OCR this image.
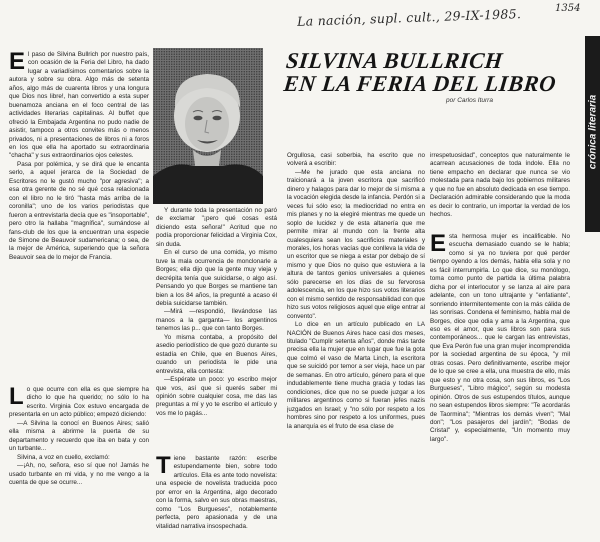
1354
La nación, supl. cult., 29-IX-1985.
E l paso de Silvina Bullrich por nuestro país, con ocasión de la Feria del Libro, ha dado lugar a variadísimos comentarios sobre la autora y sobre su obra. Algo más de setenta años, algo más de cuarenta libros y una longura que Dios nos libre!, han convertido a esta super buenamoza anciana en el foco central de las actividades literarias capitalinas. Al buffet que ofreció la Embajada Argentina no pudo nadie de asistir, tampoco a otros convites más o menos privados, ni a presentaciones de libros ni a foros en los que ella ha aportado su extraordinaria "chacha" y sus extraordinarios ojos celestes.

Pasa por polémica, y se dirá que le encanta serlo, a aquel jerarca de la Sociedad de Escritores no le gustó mucho "por agresiva"; a esa otra gerente de no sé qué cosa relacionada con el libro no le tiró "hasta más arriba de la coronilla"; uno de los varios periodistas que fueron a entrevistarla decía que es "insoportable", pero otro la hallaba "magnífica", sumándose al fans-club de los que la encuentran una especie de Simone de Beauvoir sudamericana; o sea, de la mejor de América, superiendo que la señora Beauvoir sea de lo mejor de Francia.

L o que ocurre con ella es que siempre ha dicho lo que ha querido; no sólo lo ha escrito. Virginia Cox estuvo encargada de presentarla en un acto público; empezó diciendo:

—A Silvina la conocí en Buenos Aires; salió ella misma a abrirme la puerta de su departamento y recuerdo que iba en bata y con un turbante...

Silvina, a voz en cuello, exclamó:

—¡Ah, no, señora, eso sí que no! Jamás he usado turbante en mi vida, y no me vengo a la cuenta de que se ocurre...

Y durante toda la presentación no paró de exclamar "¡pero qué cosas está diciendo esta señora!" Acritud que no podía proporcionar felicidad a Virginia Cox, sin duda.

En el curso de una comida, yo mismo tuve la mala ocurrencia de monclonarle a Borges; ella dijo que la gente muy vieja y decrépita tenía que suicidarse, o algo así. Pensando yo que Borges se mantiene tan bien a los 84 años, la pregunté a acaso él debía suicidarse también.

—Mirá —respondió, llevándose las manos a la garganta— los argentinos tenemos las p... que con tanto Borges.

Yo misma contaba, a propósito del asedio periodístico de que gozó durante su estadía en Chile, que en Buenos Aires, cuando un periodista le pide una entrevista, ella contesta:

—Espérate un poco: yo escribo mejor que vos, así que si querés saber mi opinión sobre cualquier cosa, me das las preguntas a mí y yo te escribo el artículo y vos me lo pagás...

T iene bastante razón: escribe estupendamente bien, sobre todo artículos. Ella es ante todo novelista: una especie de novelista traducida poco por error en la Argentina, algo decorado con la forma, salvo en sus obras maestras, como "Los Burgueses", notablemente perfecta, pero apasionada y de una vitalidad narrativa insospechada.

SILVINA BULLRICH
EN LA FERIA DEL LIBRO
por Carlos Iturra	crónica literaria

Orgullosa, casi soberbia, ha escrito que no volverá a escribir:

—Me he jurado que esta anciana no traicionará a la joven escritora que sacrificó dinero y halagos para dar lo mejor de sí misma a la vocación elegida desde la infancia. Perdón si a veces fui sólo eso; la mediocridad no entra en mis planes y no la elegiré mientras me quede un soplo de lucidez y de esta altanería que me permite mirar al mundo con la frente alta cualesquiera sean los sacrificios materiales y morales, los horas vacías que conlleva la vida de un escritor que se niega a estar por debajo de sí mismo y que Dios no quiso que estuviera a la altura de tantos genios universales a quienes sólo parecerse en los días de su fervorosa adolescencia, en los que hizo sus votos literarios con el mismo sentido de responsabilidad con que hizo sus votos religiosos aquel que elige entrar al convento".

Lo dice en un artículo publicado en LA NACIÓN de Buenos Aires hace casi dos meses, titulado "Cumplir setenta años", donde más tarde precisa ella la mujer que en lugar que fue la gota que colmó el vaso de Marta Linch, la escritora que se suicidó por temor a ser vieja, hace un par de semanas. En otro artículo, género para el que indudablemente tiene mucha gracia y todas las condiciones, dice que no se puede juzgar a los militares argentinos como si fueran jefes nazis juzgados en Israel; y "no sólo por respeto a los hombres sino por respeto a los uniformes, pues la anarquía es el fruto de esa clase de

irrespetuosidad", conceptos que naturalmente le acarrean acusaciones de toda índole. Ella no tiene empacho en declarar que nunca se vio molestada para nada bajo los gobiernos militares y que no fue en absoluto dedicada en ese tiempo. Declaración admirable considerando que la moda es decir lo contrario, un importar la verdad de los hechos.

E sta hermosa mujer es incalificable. No escucha demasiado cuando se le habla; como si ya no tuviera por qué perder tiempo oyendo a los demás, habla ella sola y no es fácil interrumpirla. Lo que dice, su monólogo, toma como punto de partida la última palabra dicha por el interlocutor y se lanza al aire para adelante, con un tono ultrajante y "enfatiante", sonriendo intermitentemente con la más cálida de las sonrisas. Condena el feminismo, habla mal de Borges, dice que odia y ama a la Argentina, que eso es el amor, que sus libros son para sus contemporáneos... que le cargan las entrevistas, que Eva Perón fue una gran mujer incomprendida por la sociedad argentina de su época, "y mil otras cosas. Pero definitivamente, escribe mejor de lo que se cree a ella, una muestra de ello, más que esto y no otra cosa, son sus libros, es "Los Burgueses", "Libro mágico", según su modesta opinión. Otros de sus estupendos títulos, aunque no sean estupendos libros siempre: "Te acordarás de Taormina"; "Mientras los demás viven"; "Mal don"; "Los pasajeros del jardín"; "Bodas de Cristal" y, especialmente, "Un momento muy largo".
